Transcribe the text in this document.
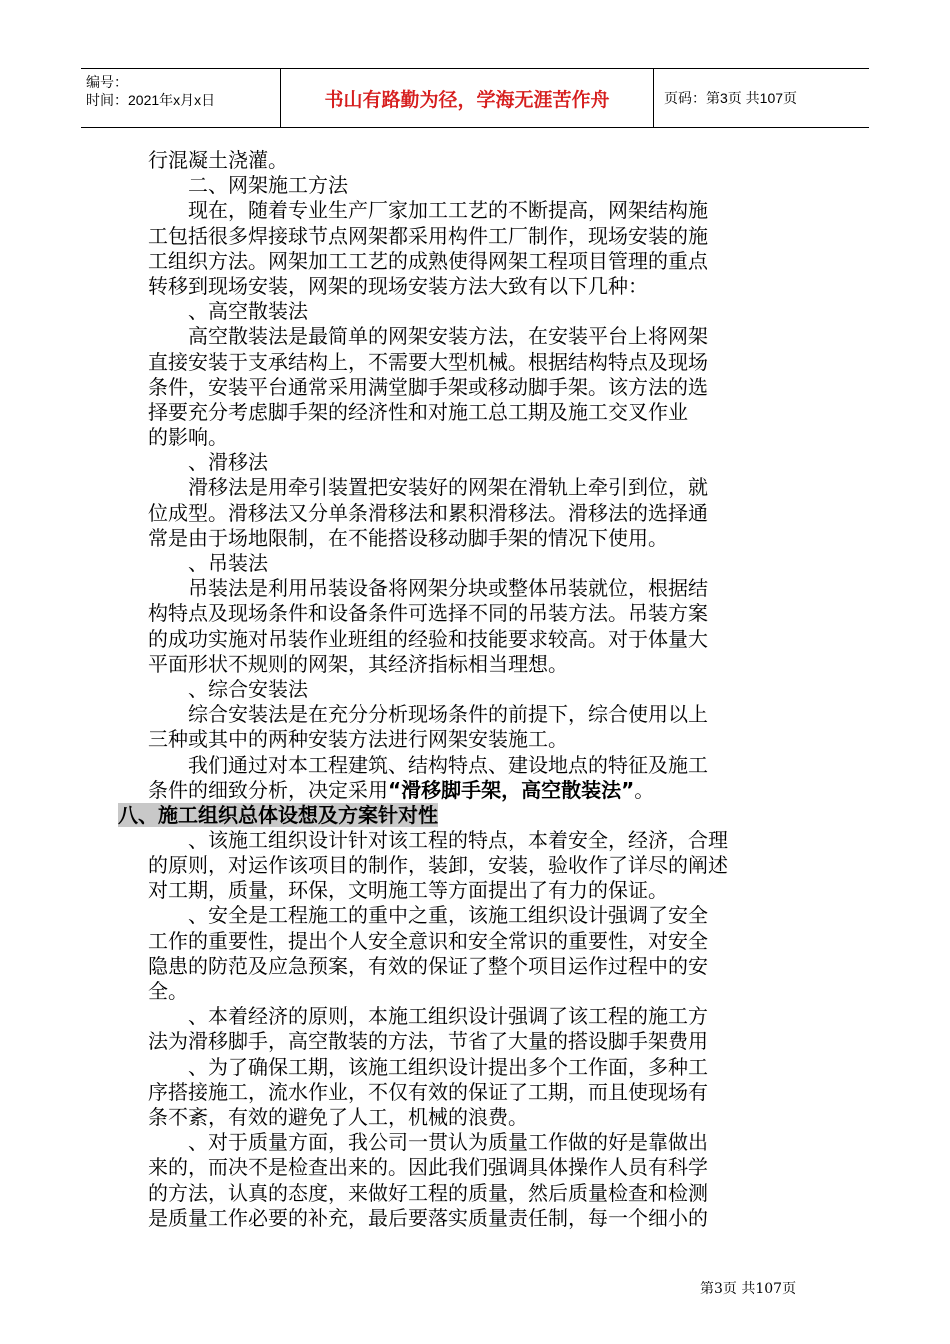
编号：
时间：2021年x月x日	书山有路勤为径，学海无涯苦作舟	页码：第3页 共107页
行混凝土浇灌。
二、网架施工方法
现在，随着专业生产厂家加工工艺的不断提高，网架结构施
工包括很多焊接球节点网架都采用构件工厂制作，现场安装的施
工组织方法。网架加工工艺的成熟使得网架工程项目管理的重点
转移到现场安装，网架的现场安装方法大致有以下几种：
、高空散装法
高空散装法是最简单的网架安装方法，在安装平台上将网架
直接安装于支承结构上，不需要大型机械。根据结构特点及现场
条件，安装平台通常采用满堂脚手架或移动脚手架。该方法的选
择要充分考虑脚手架的经济性和对施工总工期及施工交叉作业
的影响。
、滑移法
滑移法是用牵引装置把安装好的网架在滑轨上牵引到位，就
位成型。滑移法又分单条滑移法和累积滑移法。滑移法的选择通
常是由于场地限制，在不能搭设移动脚手架的情况下使用。
、吊装法
吊装法是利用吊装设备将网架分块或整体吊装就位，根据结
构特点及现场条件和设备条件可选择不同的吊装方法。吊装方案
的成功实施对吊装作业班组的经验和技能要求较高。对于体量大
平面形状不规则的网架，其经济指标相当理想。
、综合安装法
综合安装法是在充分分析现场条件的前提下，综合使用以上
三种或其中的两种安装方法进行网架安装施工。
我们通过对本工程建筑、结构特点、建设地点的特征及施工
条件的细致分析，决定采用“滑移脚手架，高空散装法”。
八、施工组织总体设想及方案针对性
、该施工组织设计针对该工程的特点，本着安全，经济，合理
的原则，对运作该项目的制作，装卸，安装，验收作了详尽的阐述
对工期，质量，环保，文明施工等方面提出了有力的保证。
、安全是工程施工的重中之重，该施工组织设计强调了安全
工作的重要性，提出个人安全意识和安全常识的重要性，对安全
隐患的防范及应急预案，有效的保证了整个项目运作过程中的安
全。
、本着经济的原则，本施工组织设计强调了该工程的施工方
法为滑移脚手，高空散装的方法，节省了大量的搭设脚手架费用
、为了确保工期，该施工组织设计提出多个工作面，多种工
序搭接施工，流水作业，不仅有效的保证了工期，而且使现场有
条不紊，有效的避免了人工，机械的浪费。
、对于质量方面，我公司一贯认为质量工作做的好是靠做出
来的，而决不是检查出来的。因此我们强调具体操作人员有科学
的方法，认真的态度，来做好工程的质量，然后质量检查和检测
是质量工作必要的补充，最后要落实质量责任制，每一个细小的
第3页 共107页
